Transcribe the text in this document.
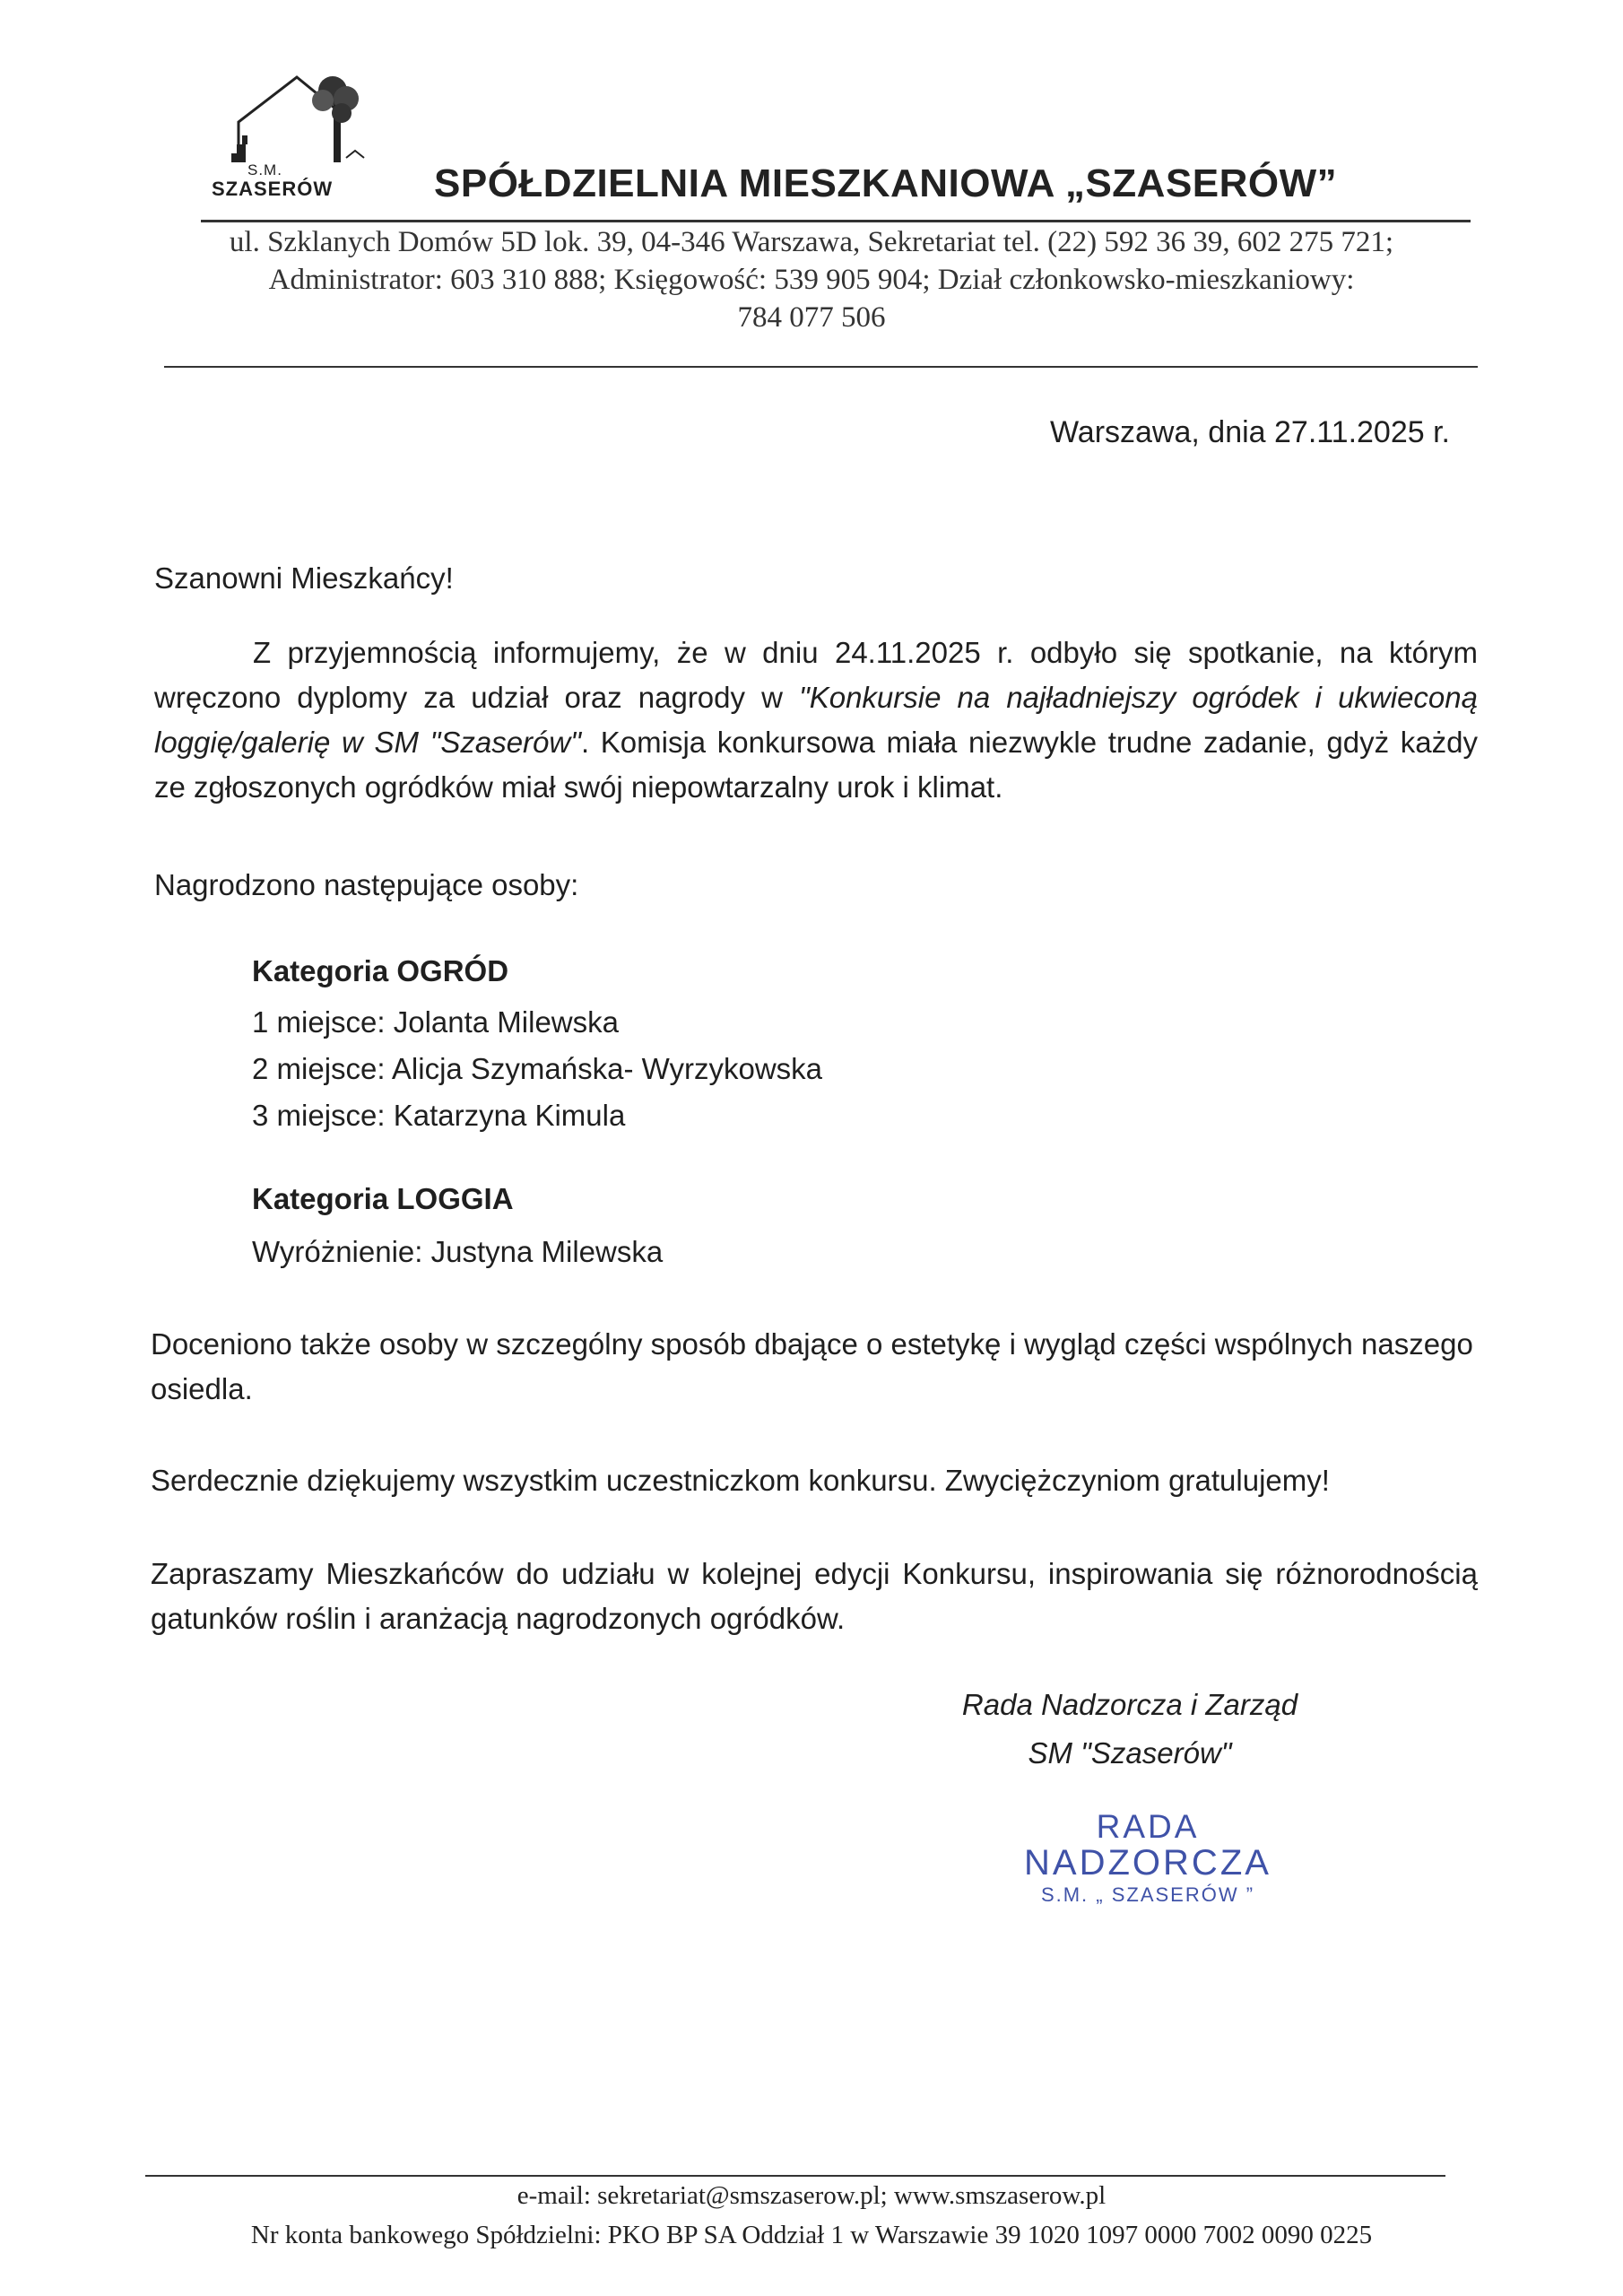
S.M.
SZASERÓW	SPÓŁDZIELNIA MIESZKANIOWA „SZASERÓW”
ul. Szklanych Domów 5D lok. 39, 04-346 Warszawa, Sekretariat tel. (22) 592 36 39, 602 275 721;
Administrator: 603 310 888; Księgowość: 539 905 904; Dział członkowsko-mieszkaniowy:
784 077 506
Warszawa, dnia 27.11.2025 r.
Szanowni Mieszkańcy!
Z przyjemnością informujemy, że w dniu 24.11.2025 r. odbyło się spotkanie, na którym wręczono dyplomy za udział oraz nagrody w "Konkursie na najładniejszy ogródek i ukwieconą loggię/galerię w SM "Szaserów". Komisja konkursowa miała niezwykle trudne zadanie, gdyż każdy ze zgłoszonych ogródków miał swój niepowtarzalny urok i klimat.
Nagrodzono następujące osoby:
Kategoria OGRÓD
1 miejsce: Jolanta Milewska
2 miejsce: Alicja Szymańska- Wyrzykowska
3 miejsce: Katarzyna Kimula
Kategoria LOGGIA
Wyróżnienie: Justyna Milewska
Doceniono także osoby w szczególny sposób dbające o estetykę i wygląd części wspólnych naszego osiedla.
Serdecznie dziękujemy wszystkim uczestniczkom konkursu. Zwyciężczyniom gratulujemy!
Zapraszamy Mieszkańców do udziału w kolejnej edycji Konkursu, inspirowania się różnorodnością gatunków roślin i aranżacją nagrodzonych ogródków.
Rada Nadzorcza i Zarząd
SM "Szaserów"
RADA
NADZORCZA
S.M. „ SZASERÓW ”
e-mail: sekretariat@smszaserow.pl; www.smszaserow.pl
Nr konta bankowego Spółdzielni: PKO BP SA Oddział 1 w Warszawie 39 1020 1097 0000 7002 0090 0225
